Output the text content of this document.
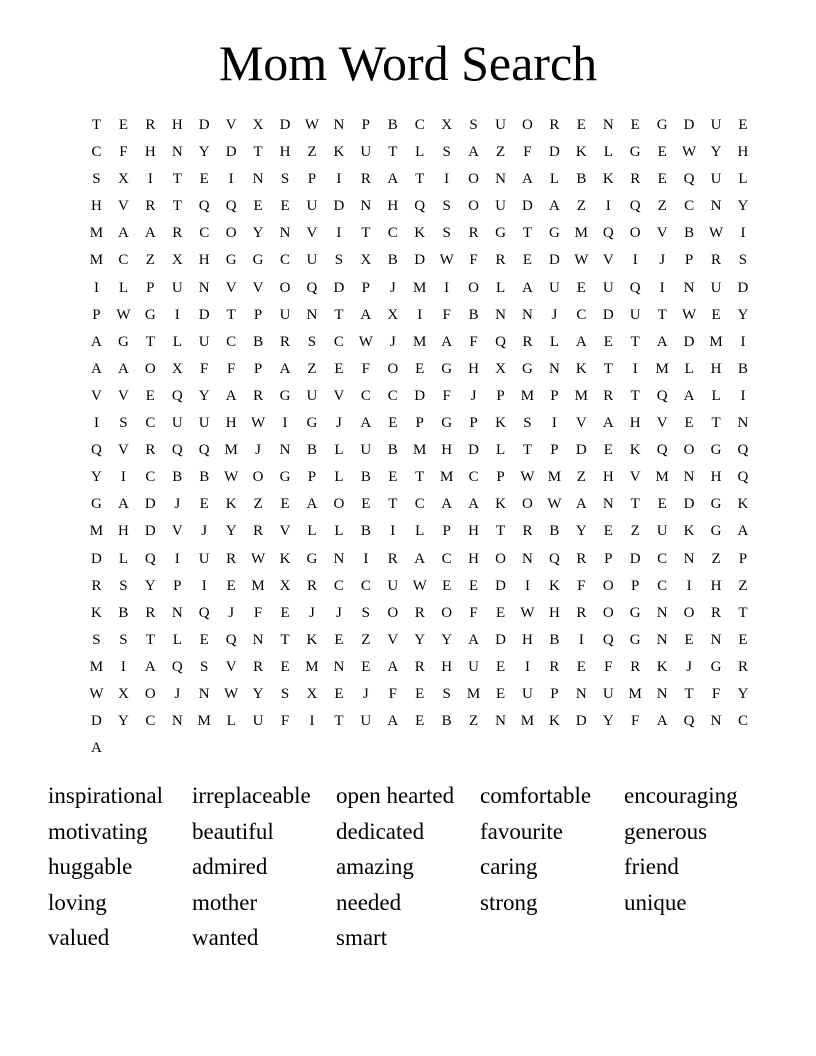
Mom Word Search
T	E	R	H	D	V	X	D W N	P	B	C	X	S	U	O	R	E	N	E	G	D	U	E
C	F	H	N	Y	D	T	H	Z	K	U	T	L	S	A	Z	F	D	K	L	G	E	W Y	H
S	X	I	T	E	I	N	S	P	I	R	A	T	I	O	N	A	L	B	K	R	E	Q	U	L
H	V	R	T	Q	Q	E	E	U	D	N	H	Q	S	O	U	D	A	Z	I	Q	Z	C	N	Y
M A	A	R	C	O	Y	N	V	I	T	C	K	S	R	G	T	G M Q	O	V	B W	I
M	C	Z	X	H	G	G	C	U	S	X	B	D W	F	R	E	D W V	I	J	P	R	S
I	L	P	U	N	V	V	O	Q	D	P	J	M	I	O	L	A	U	E	U	Q	I	N	U	D
P	W G	I	D	T	P	U	N	T	A	X	I	F	B	N	N	J	C	D	U	T	W	E	Y
A	G	T	L	U	C	B	R	S	C W	J	M A	F	Q	R	L	A	E	T	A	D M	I
A	A	O	X	F	F	P	A	Z	E	F	O	E	G	H	X	G	N	K	T	I	M	L	H	B
V	V	E	Q	Y	A	R	G	U	V	C	C	D	F	J	P	M	P	M	R	T	Q	A	L	I
I	S	C	U	U	H W	I	G	J	A	E	P	G	P	K	S	I	V	A	H	V	E	T	N
Q	V	R	Q	Q M	J	N	B	L	U	B	M H	D	L	T	P	D	E	K	Q	O	G	Q
Y	I	C	B	B W O	G	P	L	B	E	T	M	C	P	W M	Z	H	V M N	H	Q
G	A	D	J	E	K	Z	E	A	O	E	T	C	A	A	K	O W A	N	T	E	D	G	K
M H	D	V	J	Y	R	V	L	L	B	I	L	P	H	T	R	B	Y	E	Z	U	K	G	A
D	L	Q	I	U	R W K	G	N	I	R	A	C	H	O	N	Q	R	P	D	C	N	Z	P
R	S	Y	P	I	E	M X	R	C	C	U W	E	E	D	I	K	F	O	P	C	I	H	Z
K	B	R	N	Q	J	F	E	J	J	S	O	R	O	F	E	W H	R	O	G	N	O	R	T
S	S	T	L	E	Q	N	T	K	E	Z	V	Y	Y	A	D	H	B	I	Q	G	N	E	N	E
M	I	A	Q	S	V	R	E	M N	E	A	R	H	U	E	I	R	E	F	R	K	J	G	R
W X	O	J	N W Y	S	X	E	J	F	E	S	M	E	U	P	N	U M N	T	F	Y
D	Y	C	N M	L	U	F	I	T	U	A	E	B	Z	N M K	D	Y	F	A	Q	N	C
A
inspirational	irreplaceable	open hearted	comfortable	encouraging
motivating	beautiful	dedicated	favourite	generous
huggable	admired	amazing	caring	friend
loving	mother	needed	strong	unique
valued	wanted	smart
